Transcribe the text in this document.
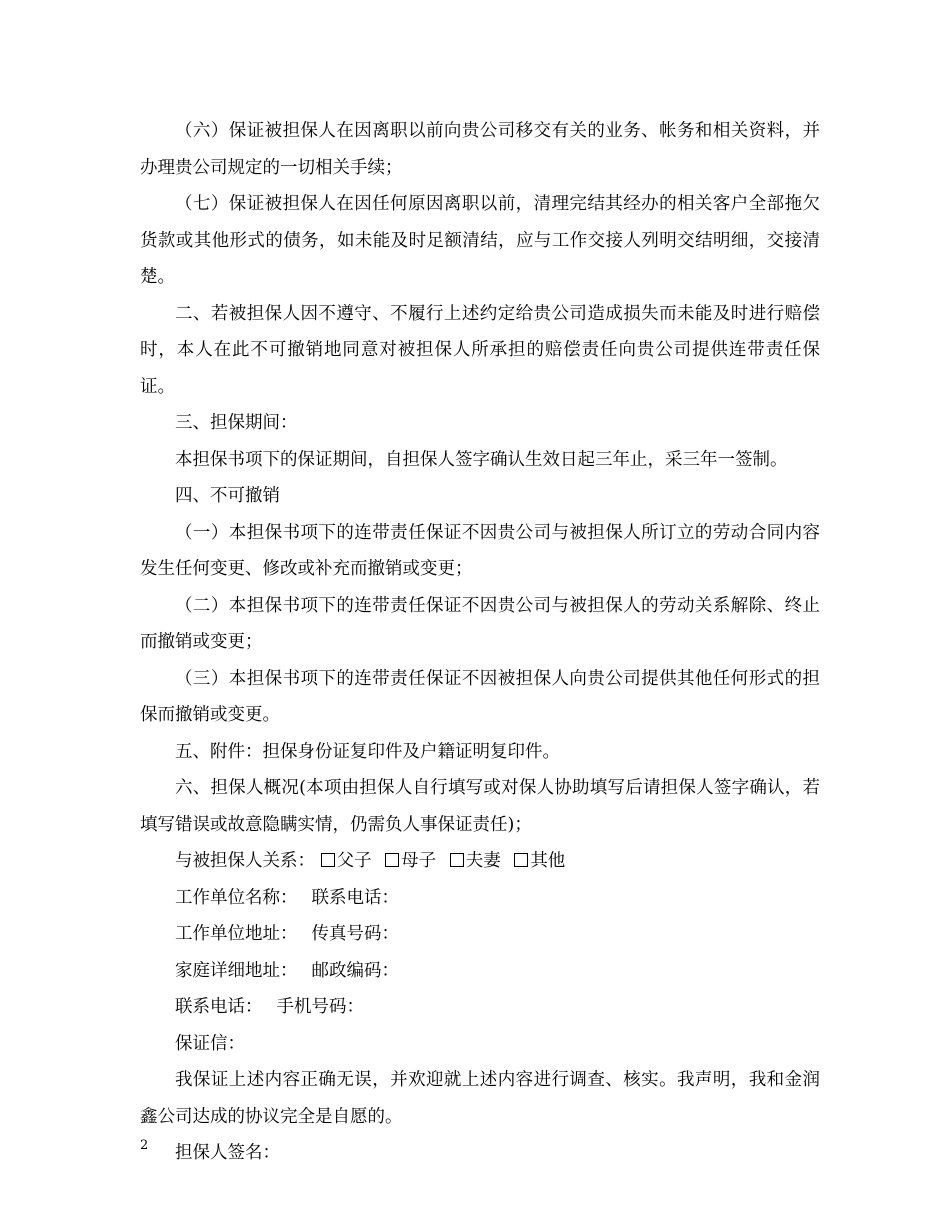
（六）保证被担保人在因离职以前向贵公司移交有关的业务、帐务和相关资料，并办理贵公司规定的一切相关手续；

（七）保证被担保人在因任何原因离职以前，清理完结其经办的相关客户全部拖欠货款或其他形式的债务，如未能及时足额清结，应与工作交接人列明交结明细，交接清楚。

二、若被担保人因不遵守、不履行上述约定给贵公司造成损失而未能及时进行赔偿时，本人在此不可撤销地同意对被担保人所承担的赔偿责任向贵公司提供连带责任保证。

三、担保期间：

本担保书项下的保证期间，自担保人签字确认生效日起三年止，采三年一签制。

四、不可撤销

（一）本担保书项下的连带责任保证不因贵公司与被担保人所订立的劳动合同内容发生任何变更、修改或补充而撤销或变更；

（二）本担保书项下的连带责任保证不因贵公司与被担保人的劳动关系解除、终止而撤销或变更；

（三）本担保书项下的连带责任保证不因被担保人向贵公司提供其他任何形式的担保而撤销或变更。

五、附件：担保身份证复印件及户籍证明复印件。

六、担保人概况(本项由担保人自行填写或对保人协助填写后请担保人签字确认，若填写错误或故意隐瞒实情，仍需负人事保证责任)；

与被担保人关系： 父子 母子 夫妻 其他
工作单位名称： 联系电话：
工作单位地址： 传真号码：
家庭详细地址： 邮政编码：
联系电话： 手机号码：

保证信：

我保证上述内容正确无误，并欢迎就上述内容进行调查、核实。我声明，我和金润鑫公司达成的协议完全是自愿的。

担保人签名：

2
